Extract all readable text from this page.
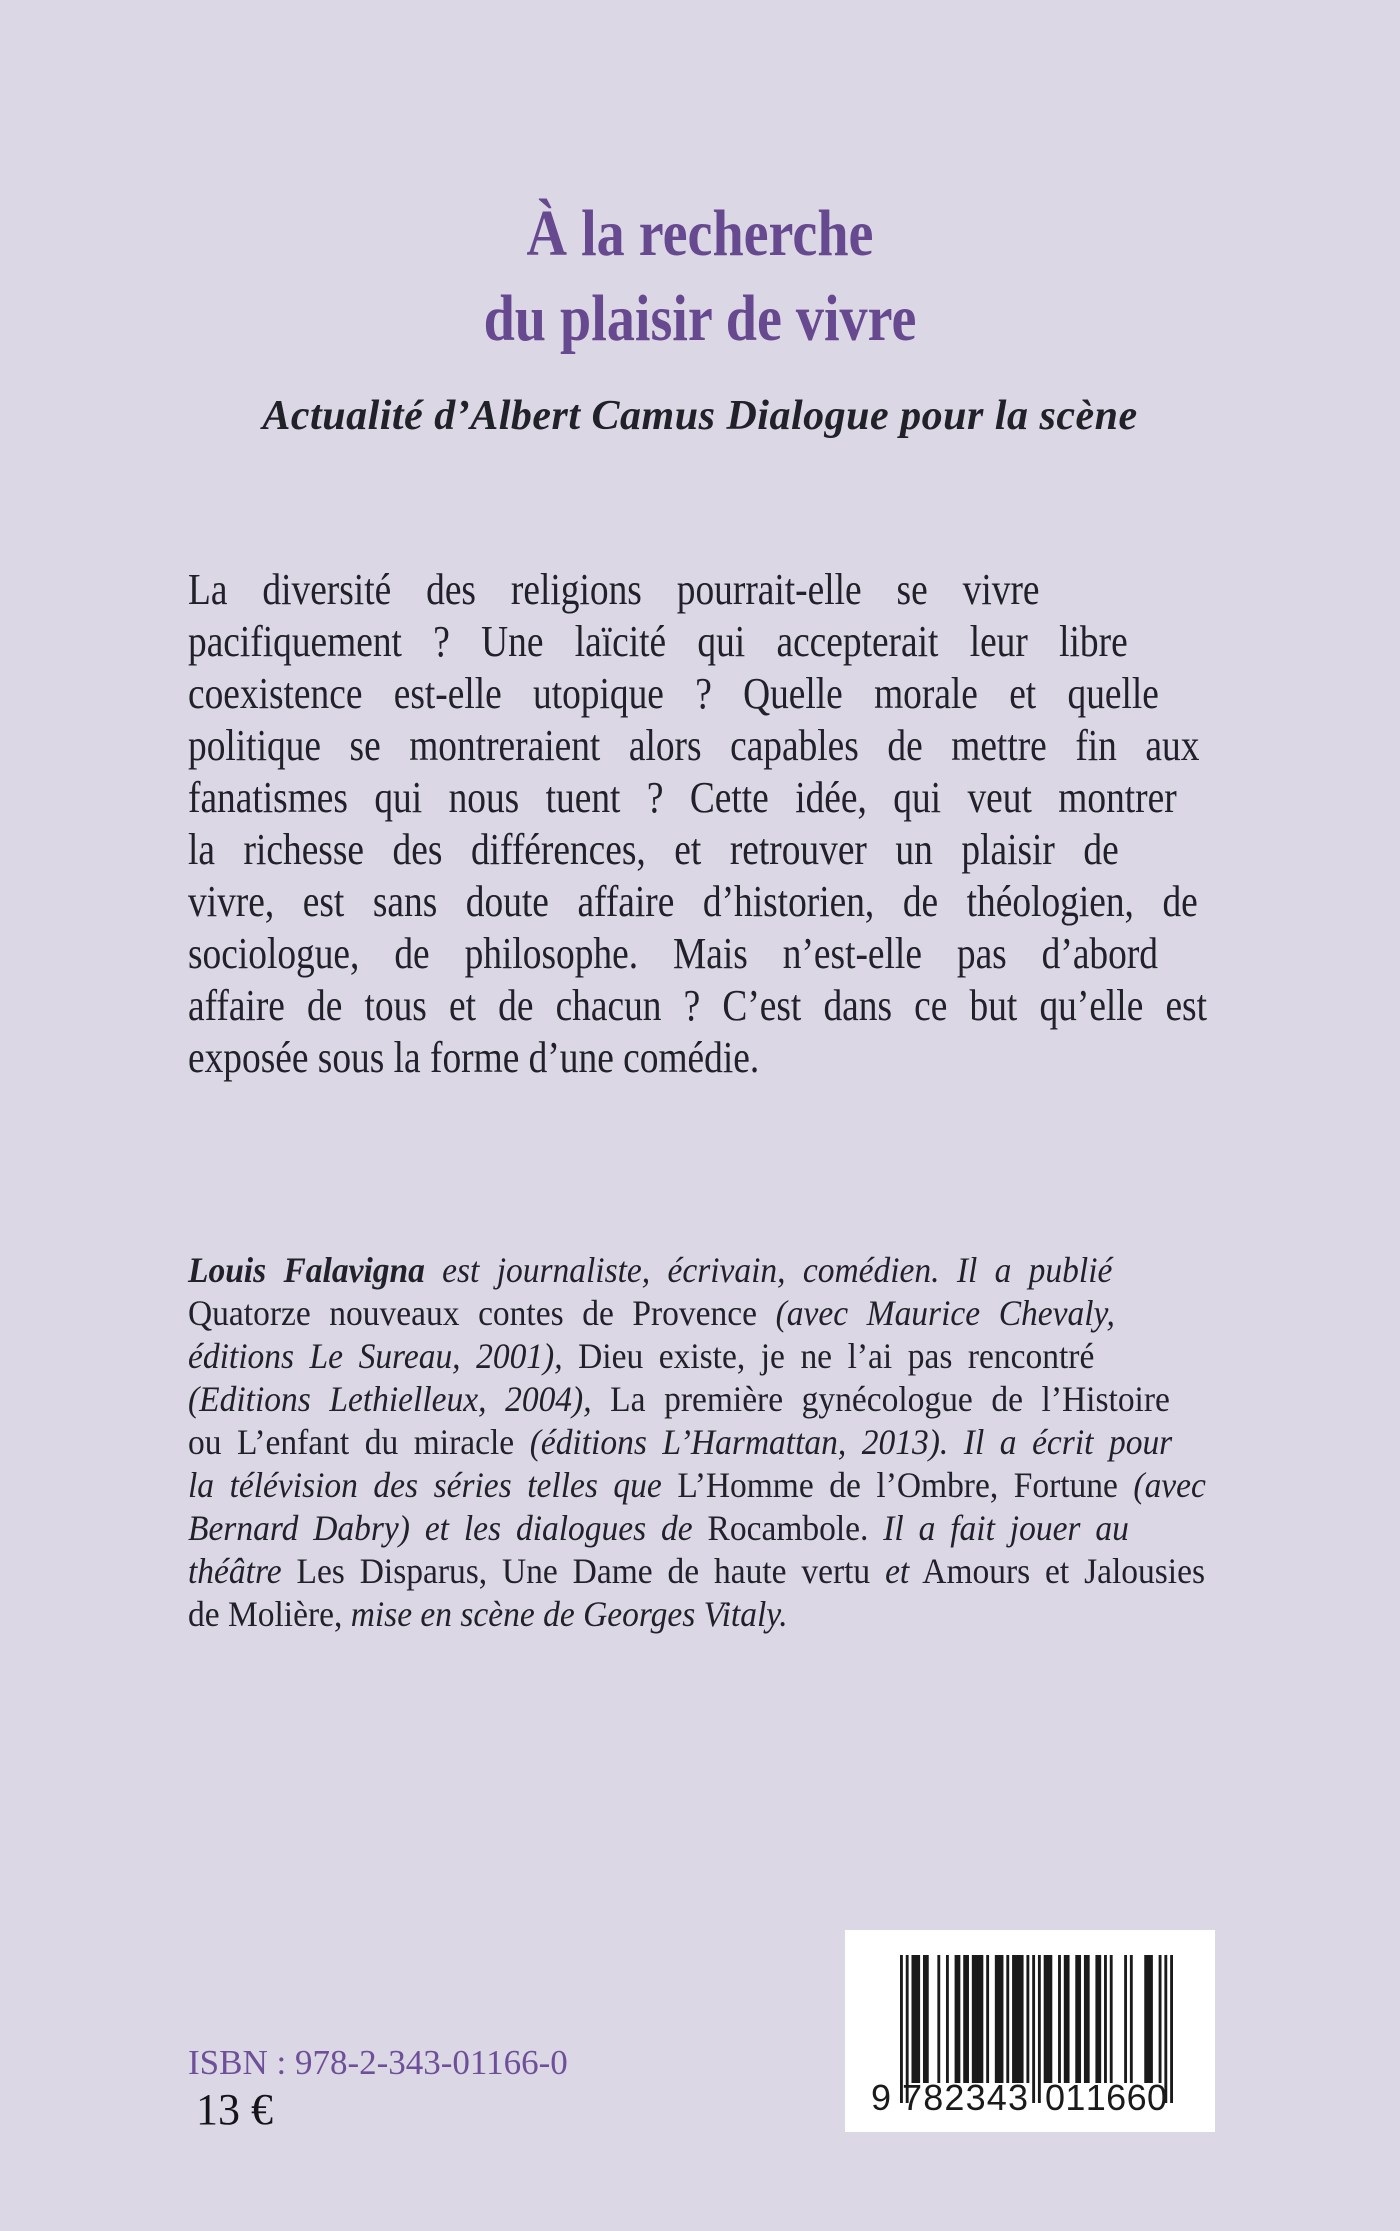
À la recherche
du plaisir de vivre
Actualité d’Albert Camus Dialogue pour la scène
La diversité des religions pourrait-elle se vivre
pacifiquement ? Une laïcité qui accepterait leur libre
coexistence est-elle utopique ? Quelle morale et quelle
politique se montreraient alors capables de mettre fin aux
fanatismes qui nous tuent ? Cette idée, qui veut montrer
la richesse des différences, et retrouver un plaisir de
vivre, est sans doute affaire d’historien, de théologien, de
sociologue, de philosophe. Mais n’est-elle pas d’abord
affaire de tous et de chacun ? C’est dans ce but qu’elle est
exposée sous la forme d’une comédie.
Louis Falavigna est journaliste, écrivain, comédien. Il a publié
Quatorze nouveaux contes de Provence (avec Maurice Chevaly,
éditions Le Sureau, 2001), Dieu existe, je ne l’ai pas rencontré
(Editions Lethielleux, 2004), La première gynécologue de l’Histoire
ou L’enfant du miracle (éditions L’Harmattan, 2013). Il a écrit pour
la télévision des séries telles que L’Homme de l’Ombre, Fortune (avec
Bernard Dabry) et les dialogues de Rocambole. Il a fait jouer au
théâtre Les Disparus, Une Dame de haute vertu et Amours et Jalousies
de Molière, mise en scène de Georges Vitaly.
ISBN : 978-2-343-01166-0
13 €	9 7 8 2 3 4 3 0 1 1 6 6 0
